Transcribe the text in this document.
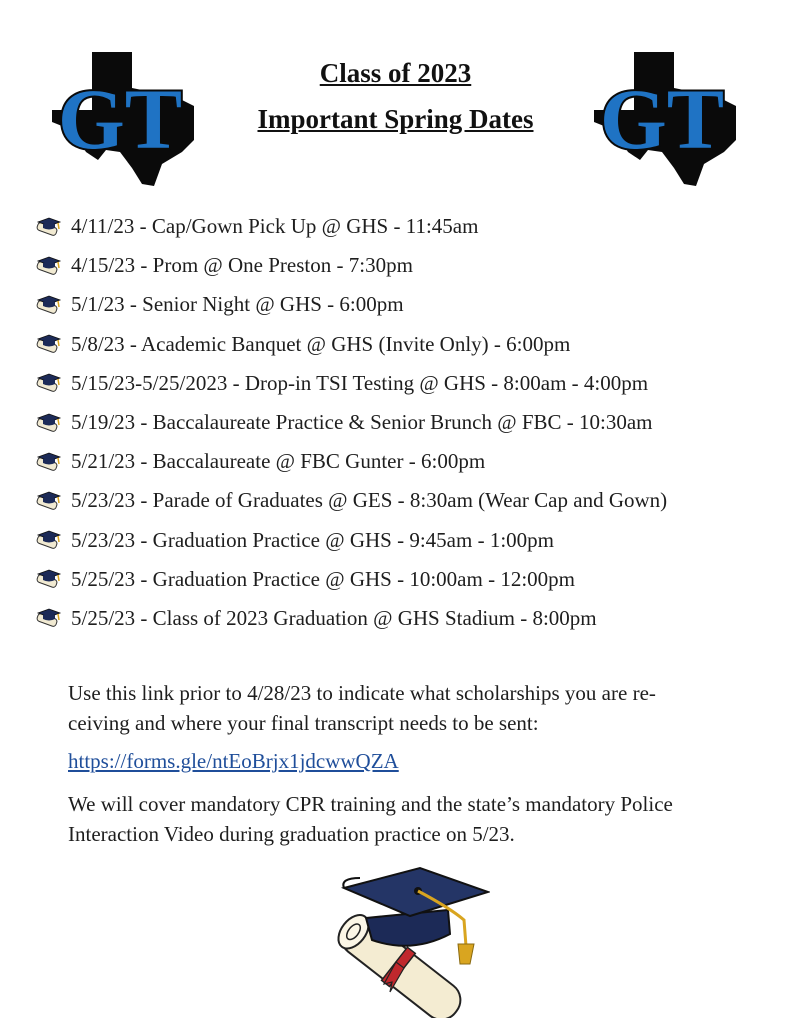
GT	GT
Class of 2023
Important Spring Dates
4/11/23 - Cap/Gown Pick Up @ GHS - 11:45am
4/15/23 - Prom @ One Preston - 7:30pm
5/1/23 - Senior Night @ GHS - 6:00pm
5/8/23 - Academic Banquet @ GHS (Invite Only) - 6:00pm
5/15/23-5/25/2023 - Drop-in TSI Testing @ GHS - 8:00am - 4:00pm
5/19/23 - Baccalaureate Practice & Senior Brunch @ FBC - 10:30am
5/21/23 - Baccalaureate @ FBC Gunter - 6:00pm
5/23/23 - Parade of Graduates @ GES - 8:30am (Wear Cap and Gown)
5/23/23 - Graduation Practice @ GHS - 9:45am - 1:00pm
5/25/23 - Graduation Practice @ GHS - 10:00am - 12:00pm
5/25/23 - Class of 2023 Graduation @ GHS Stadium - 8:00pm
Use this link prior to 4/28/23 to indicate what scholarships you are re-
ceiving and where your final transcript needs to be sent:
https://forms.gle/ntEoBrjx1jdcwwQZA
We will cover mandatory CPR training and the state’s mandatory Police
Interaction Video during graduation practice on 5/23.
